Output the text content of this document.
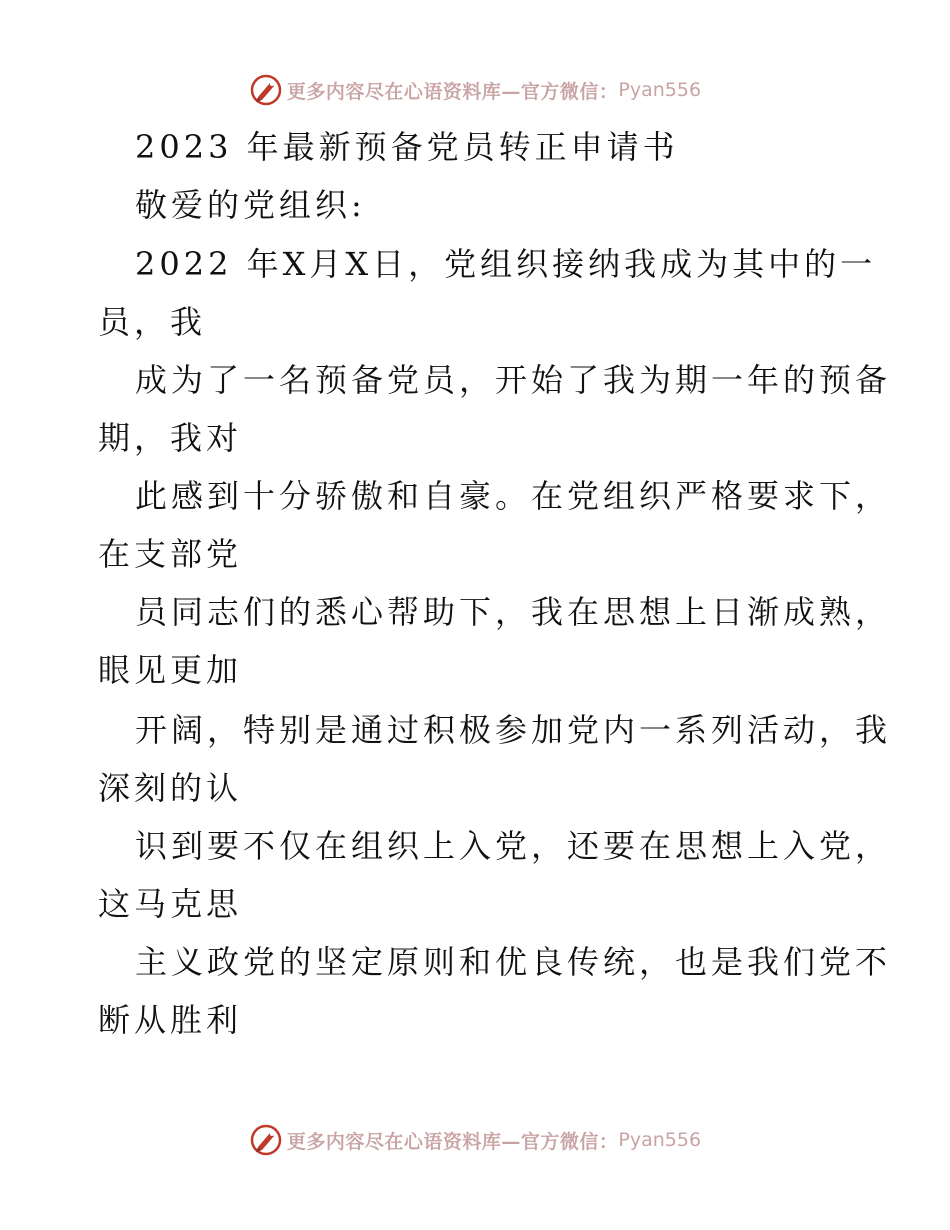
更多内容尽在心语资料库—官方微信： Pyan556
2023 年最新预备党员转正申请书
敬爱的党组织:
2022 年X月X日，党组织接纳我成为其中的一
员，我
成为了一名预备党员，开始了我为期一年的预备
期，我对
此感到十分骄傲和自豪。在党组织严格要求下，
在支部党
员同志们的悉心帮助下，我在思想上日渐成熟，
眼见更加
开阔，特别是通过积极参加党内一系列活动，我
深刻的认
识到要不仅在组织上入党，还要在思想上入党，
这马克思
主义政党的坚定原则和优良传统，也是我们党不
断从胜利
更多内容尽在心语资料库—官方微信： Pyan556
